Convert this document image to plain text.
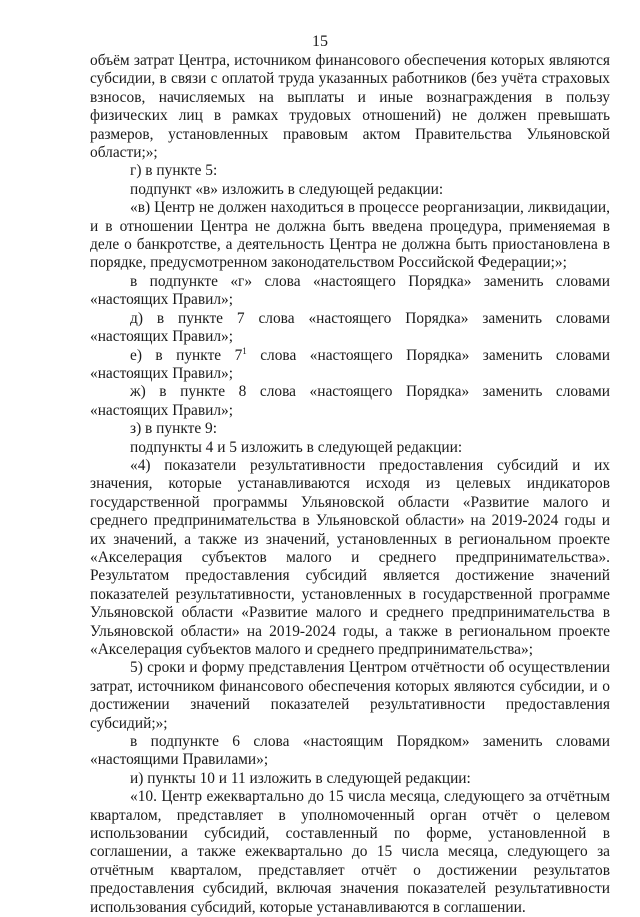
15

объём затрат Центра, источником финансового обеспечения которых являются субсидии, в связи с оплатой труда указанных работников (без учёта страховых взносов, начисляемых на выплаты и иные вознаграждения в пользу физических лиц в рамках трудовых отношений) не должен превышать размеров, установленных правовым актом Правительства Ульяновской области;»;

г) в пункте 5:

подпункт «в» изложить в следующей редакции:

«в) Центр не должен находиться в процессе реорганизации, ликвидации, и в отношении Центра не должна быть введена процедура, применяемая в деле о банкротстве, а деятельность Центра не должна быть приостановлена в порядке, предусмотренном законодательством Российской Федерации;»;

в подпункте «г» слова «настоящего Порядка» заменить словами «настоящих Правил»;

д) в пункте 7 слова «настоящего Порядка» заменить словами «настоящих Правил»;

е) в пункте $7^1$ слова «настоящего Порядка» заменить словами «настоящих Правил»;

ж) в пункте 8 слова «настоящего Порядка» заменить словами «настоящих Правил»;

з) в пункте 9:

подпункты 4 и 5 изложить в следующей редакции:

«4) показатели результативности предоставления субсидий и их значения, которые устанавливаются исходя из целевых индикаторов государственной программы Ульяновской области «Развитие малого и среднего предпринимательства в Ульяновской области» на 2019-2024 годы и их значений, а также из значений, установленных в региональном проекте «Акселерация субъектов малого и среднего предпринимательства». Результатом предоставления субсидий является достижение значений показателей результативности, установленных в государственной программе Ульяновской области «Развитие малого и среднего предпринимательства в Ульяновской области» на 2019-2024 годы, а также в региональном проекте «Акселерация субъектов малого и среднего предпринимательства»;

5) сроки и форму представления Центром отчётности об осуществлении затрат, источником финансового обеспечения которых являются субсидии, и о достижении значений показателей результативности предоставления субсидий;»;

в подпункте 6 слова «настоящим Порядком» заменить словами «настоящими Правилами»;

и) пункты 10 и 11 изложить в следующей редакции:

«10. Центр ежеквартально до 15 числа месяца, следующего за отчётным кварталом, представляет в уполномоченный орган отчёт о целевом использовании субсидий, составленный по форме, установленной в соглашении, а также ежеквартально до 15 числа месяца, следующего за отчётным кварталом, представляет отчёт о достижении результатов предоставления субсидий, включая значения показателей результативности использования субсидий, которые устанавливаются в соглашении.
